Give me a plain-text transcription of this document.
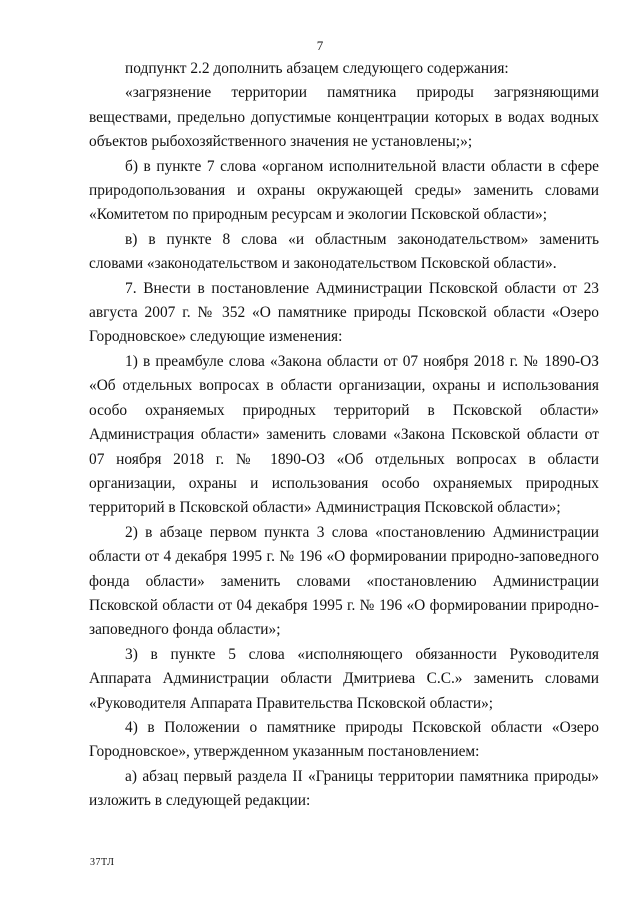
7

подпункт 2.2 дополнить абзацем следующего содержания:

«загрязнение территории памятника природы загрязняющими веществами, предельно допустимые концентрации которых в водах водных объектов рыбохозяйственного значения не установлены;»;

б) в пункте 7 слова «органом исполнительной власти области в сфере природопользования и охраны окружающей среды» заменить словами «Комитетом по природным ресурсам и экологии Псковской области»;

в) в пункте 8 слова «и областным законодательством» заменить словами «законодательством и законодательством Псковской области».

7. Внести в постановление Администрации Псковской области от 23 августа 2007 г. № 352 «О памятнике природы Псковской области «Озеро Городновское» следующие изменения:

1) в преамбуле слова «Закона области от 07 ноября 2018 г. № 1890-ОЗ «Об отдельных вопросах в области организации, охраны и использования особо охраняемых природных территорий в Псковской области» Администрация области» заменить словами «Закона Псковской области от 07 ноября 2018 г. № 1890-ОЗ «Об отдельных вопросах в области организации, охраны и использования особо охраняемых природных территорий в Псковской области» Администрация Псковской области»;

2) в абзаце первом пункта 3 слова «постановлению Администрации области от 4 декабря 1995 г. № 196 «О формировании природно-заповедного фонда области» заменить словами «постановлению Администрации Псковской области от 04 декабря 1995 г. № 196 «О формировании природно-заповедного фонда области»;

3) в пункте 5 слова «исполняющего обязанности Руководителя Аппарата Администрации области Дмитриева С.С.» заменить словами «Руководителя Аппарата Правительства Псковской области»;

4) в Положении о памятнике природы Псковской области «Озеро Городновское», утвержденном указанным постановлением:

а) абзац первый раздела II «Границы территории памятника природы» изложить в следующей редакции:

37ТЛ
